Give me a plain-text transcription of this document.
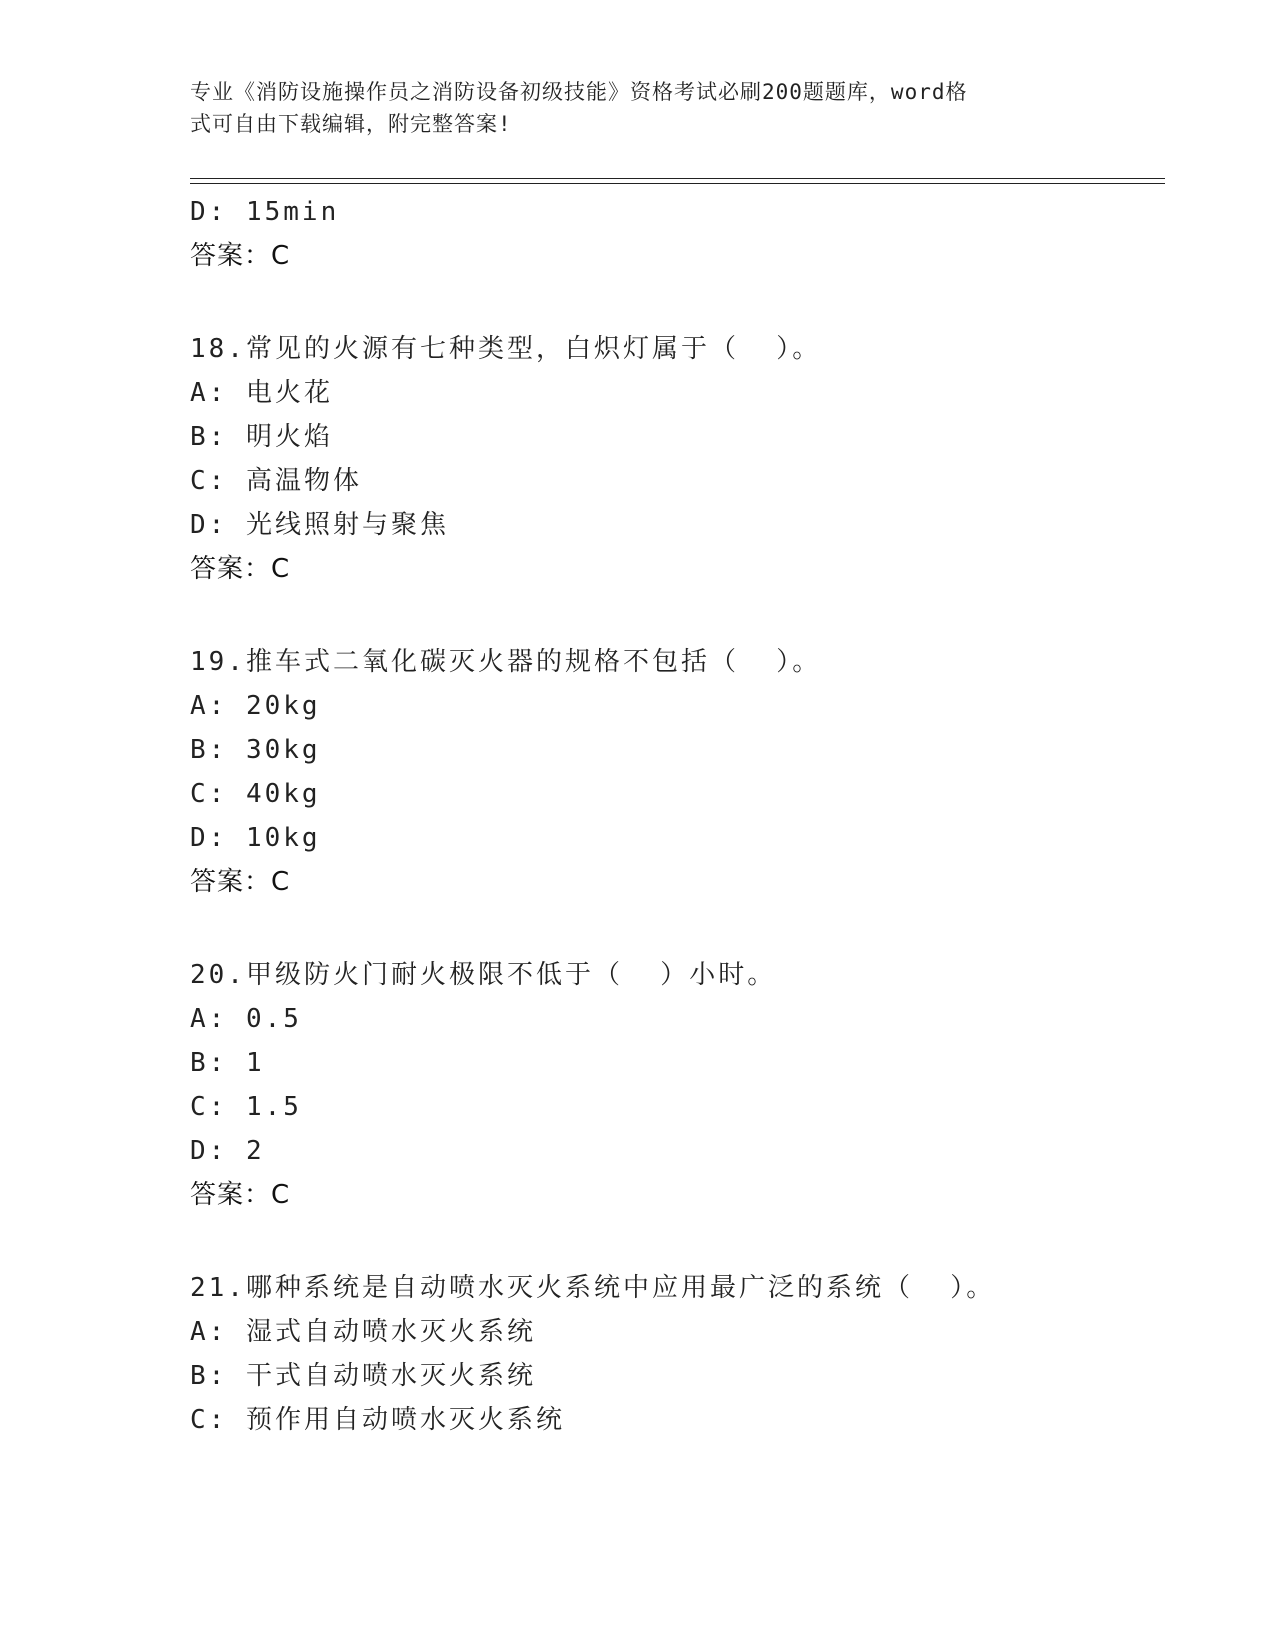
专业《消防设施操作员之消防设备初级技能》资格考试必刷200题题库，word格
式可自由下载编辑，附完整答案!
D: 15min
答案：C
18.常见的火源有七种类型，白炽灯属于（  ）。
A: 电火花
B: 明火焰
C: 高温物体
D: 光线照射与聚焦
答案：C
19.推车式二氧化碳灭火器的规格不包括（  ）。
A: 20kg
B: 30kg
C: 40kg
D: 10kg
答案：C
20.甲级防火门耐火极限不低于（  ）小时。
A: 0.5
B: 1
C: 1.5
D: 2
答案：C
21.哪种系统是自动喷水灭火系统中应用最广泛的系统（  ）。
A: 湿式自动喷水灭火系统
B: 干式自动喷水灭火系统
C: 预作用自动喷水灭火系统
